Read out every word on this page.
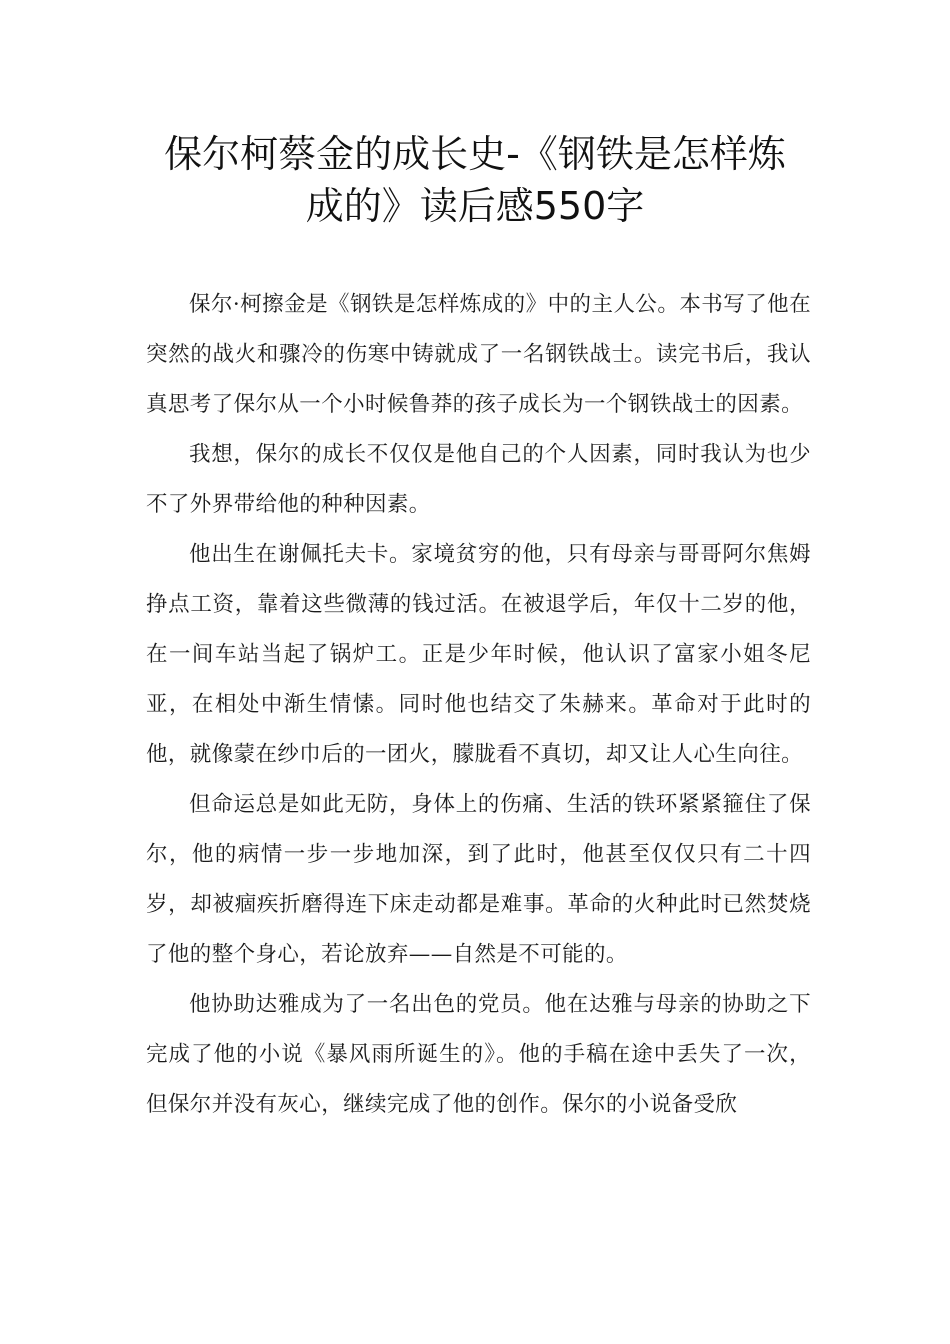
保尔柯蔡金的成长史-《钢铁是怎样炼
成的》读后感550字

保尔·柯擦金是《钢铁是怎样炼成的》中的主人公。本书写了他在突然的战火和骤冷的伤寒中铸就成了一名钢铁战士。读完书后，我认真思考了保尔从一个小时候鲁莽的孩子成长为一个钢铁战士的因素。

我想，保尔的成长不仅仅是他自己的个人因素，同时我认为也少不了外界带给他的种种因素。

他出生在谢佩托夫卡。家境贫穷的他，只有母亲与哥哥阿尔焦姆挣点工资，靠着这些微薄的钱过活。在被退学后，年仅十二岁的他，在一间车站当起了锅炉工。正是少年时候，他认识了富家小姐冬尼亚，在相处中渐生情愫。同时他也结交了朱赫来。革命对于此时的他，就像蒙在纱巾后的一团火，朦胧看不真切，却又让人心生向往。

但命运总是如此无防，身体上的伤痛、生活的铁环紧紧箍住了保尔，他的病情一步一步地加深，到了此时，他甚至仅仅只有二十四岁，却被痼疾折磨得连下床走动都是难事。革命的火种此时已然焚烧了他的整个身心，若论放弃——自然是不可能的。

他协助达雅成为了一名出色的党员。他在达雅与母亲的协助之下完成了他的小说《暴风雨所诞生的》。他的手稿在途中丢失了一次，但保尔并没有灰心，继续完成了他的创作。保尔的小说备受欣
